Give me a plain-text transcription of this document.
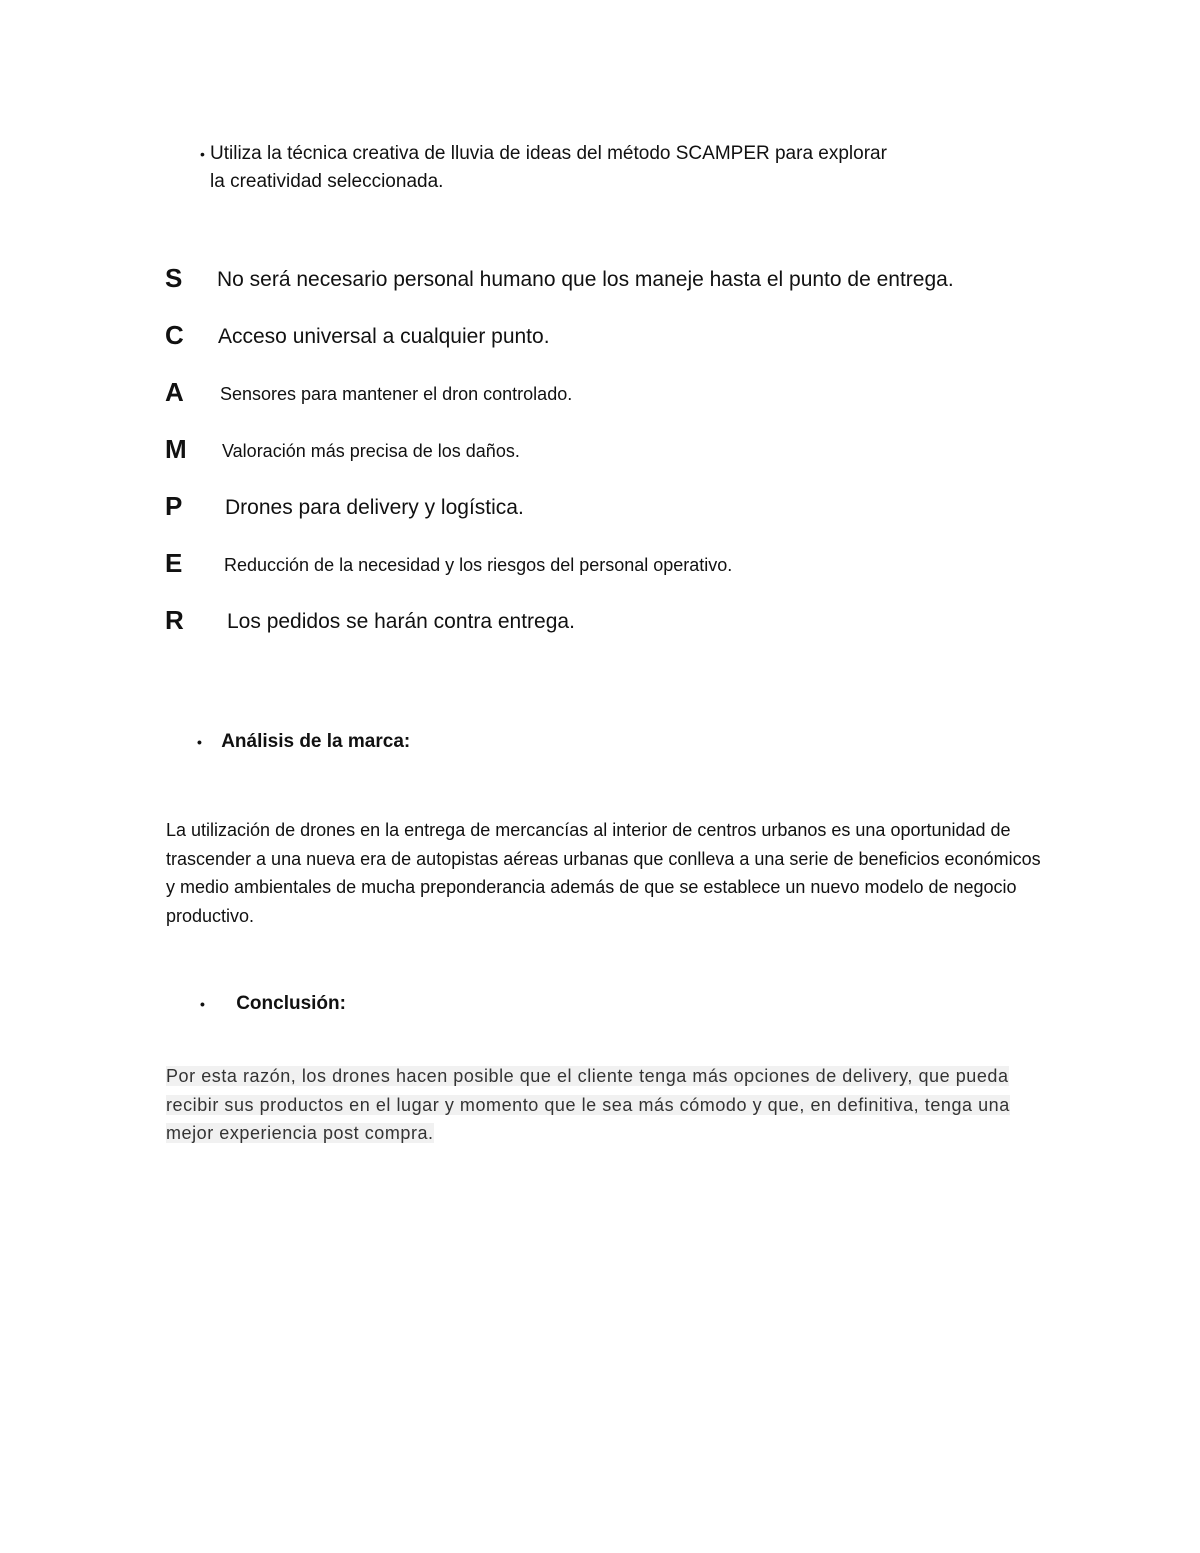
• Utiliza la técnica creativa de lluvia de ideas del método SCAMPER para explorar la creatividad seleccionada.
S No será necesario personal humano que los maneje hasta el punto de entrega.
C Acceso universal a cualquier punto.
A Sensores para mantener el dron controlado.
M Valoración más precisa de los daños.
P Drones para delivery y logística.
E Reducción de la necesidad y los riesgos del personal operativo.
R Los pedidos se harán contra entrega.
• Análisis de la marca:
La utilización de drones en la entrega de mercancías al interior de centros urbanos es una oportunidad de trascender a una nueva era de autopistas aéreas urbanas que conlleva a una serie de beneficios económicos y medio ambientales de mucha preponderancia además de que se establece un nuevo modelo de negocio productivo.
• Conclusión:
Por esta razón, los drones hacen posible que el cliente tenga más opciones de delivery, que pueda recibir sus productos en el lugar y momento que le sea más cómodo y que, en definitiva, tenga una mejor experiencia post compra.
